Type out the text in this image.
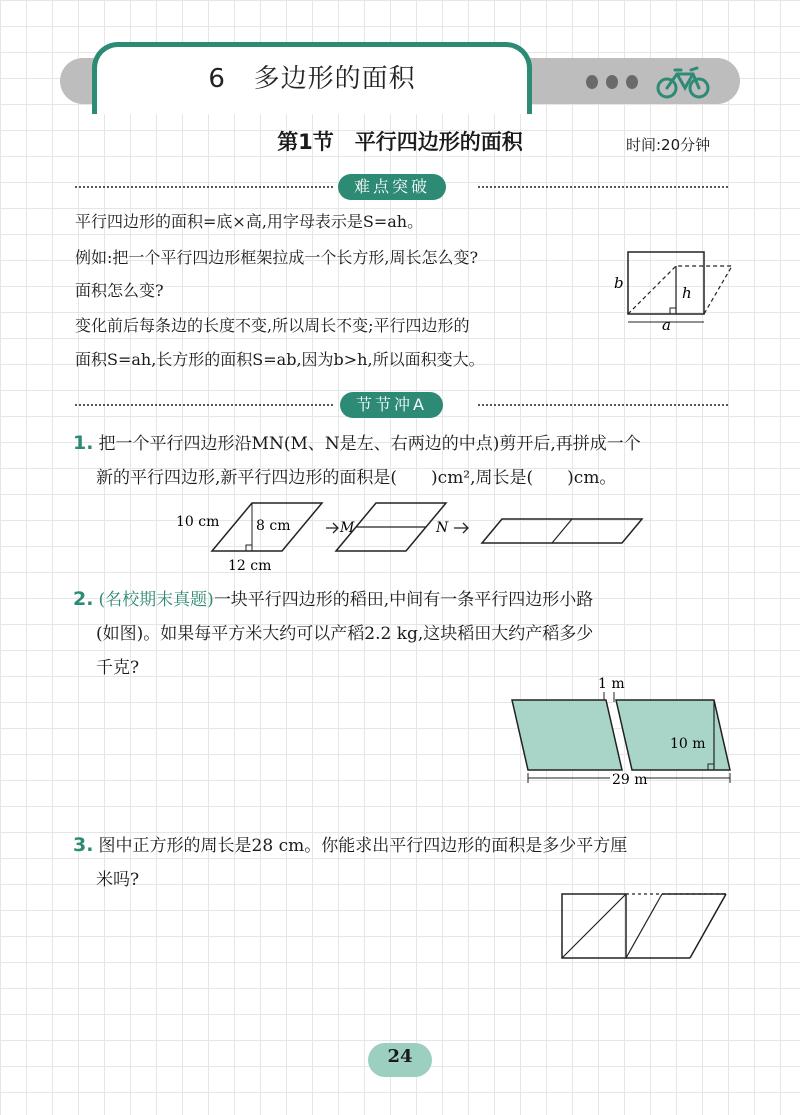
6 多边形的面积
第1节　平行四边形的面积	时间:20分钟
难点突破
平行四边形的面积=底×高,用字母表示是S=ah。
例如:把一个平行四边形框架拉成一个长方形,周长怎么变?
面积怎么变?
变化前后每条边的长度不变,所以周长不变;平行四边形的
面积S=ah,长方形的面积S=ab,因为b>h,所以面积变大。
b
h
a
节节冲A
1. 把一个平行四边形沿MN(M、N是左、右两边的中点)剪开后,再拼成一个
新的平行四边形,新平行四边形的面积是(　　)cm²,周长是(　　)cm。
10 cm	8 cm
12 cm
M	N
2. (名校期末真题)一块平行四边形的稻田,中间有一条平行四边形小路
(如图)。如果每平方米大约可以产稻2.2 kg,这块稻田大约产稻多少
千克?
1 m
10 m
29 m
3. 图中正方形的周长是28 cm。你能求出平行四边形的面积是多少平方厘
米吗?
24
